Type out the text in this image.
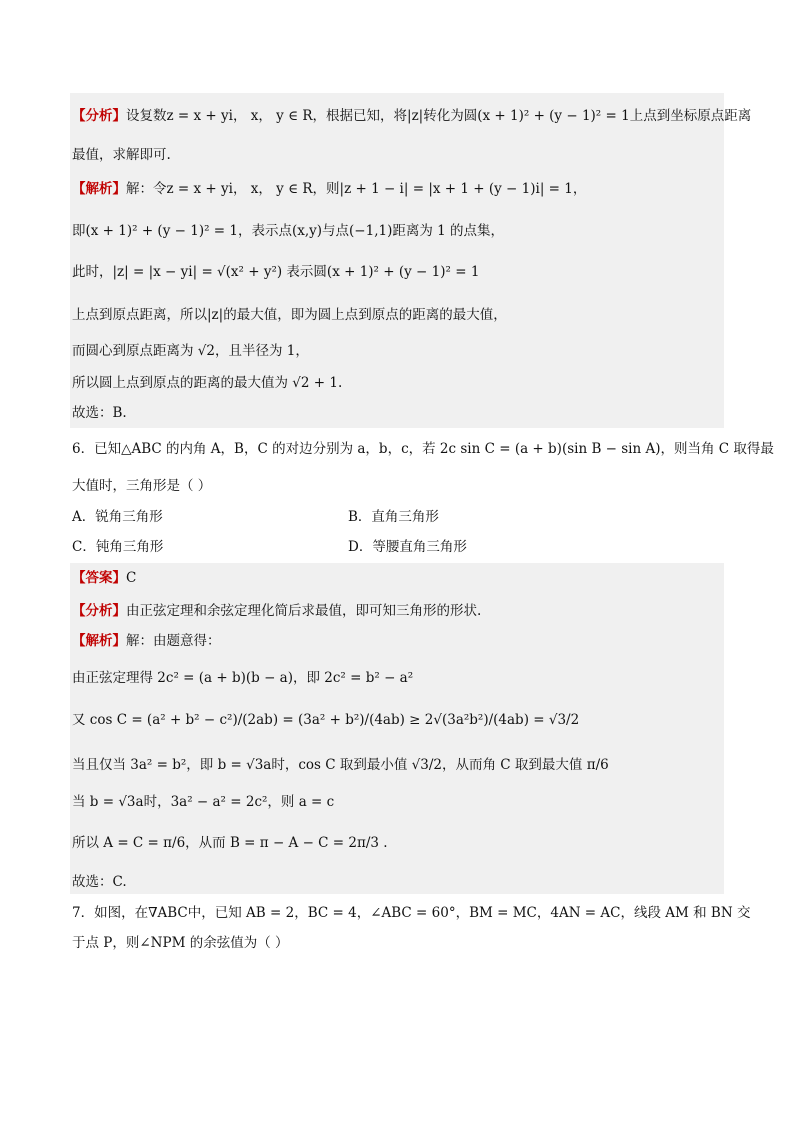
【分析】设复数z = x + yi， x， y ∈ R，根据已知，将|z|转化为圆(x + 1)² + (y − 1)² = 1上点到坐标原点距离
最值，求解即可.
【解析】解：令z = x + yi， x， y ∈ R，则|z + 1 − i| = |x + 1 + (y − 1)i| = 1，
即(x + 1)² + (y − 1)² = 1，表示点(x,y)与点(−1,1)距离为 1 的点集，
此时，|z| = |x − yi| = √(x² + y²) 表示圆(x + 1)² + (y − 1)² = 1
上点到原点距离，所以|z|的最大值，即为圆上点到原点的距离的最大值，
而圆心到原点距离为 √2，且半径为 1，
所以圆上点到原点的距离的最大值为 √2 + 1.
故选：B.
6．已知△ABC 的内角 A，B，C 的对边分别为 a，b，c，若 2c sin C = (a + b)(sin B − sin A)，则当角 C 取得最
大值时，三角形是（ ）
A．锐角三角形	B．直角三角形
C．钝角三角形	D．等腰直角三角形
【答案】C
【分析】由正弦定理和余弦定理化简后求最值，即可知三角形的形状.
【解析】解：由题意得：
由正弦定理得 2c² = (a + b)(b − a)，即 2c² = b² − a²
又 cos C = (a² + b² − c²)/(2ab) = (3a² + b²)/(4ab) ≥ 2√(3a²b²)/(4ab) = √3/2
当且仅当 3a² = b²，即 b = √3a时，cos C 取到最小值 √3/2，从而角 C 取到最大值 π/6
当 b = √3a时，3a² − a² = 2c²，则 a = c
所以 A = C = π/6，从而 B = π − A − C = 2π/3 .
故选：C.
7．如图，在∇ABC中，已知 AB = 2，BC = 4，∠ABC = 60°，BM = MC，4AN = AC，线段 AM 和 BN 交
于点 P，则∠NPM 的余弦值为（ ）
